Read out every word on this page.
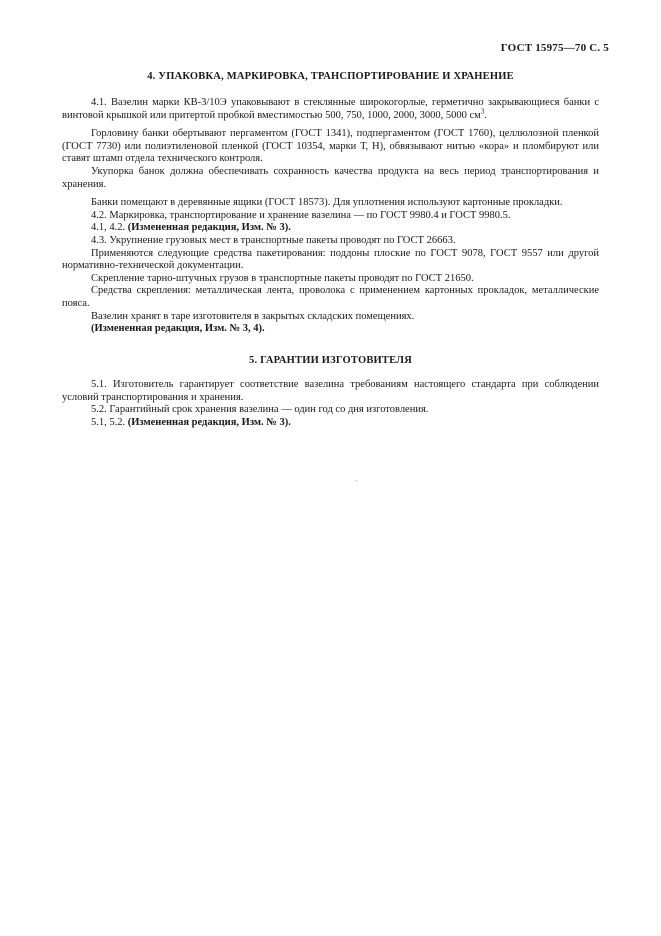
ГОСТ 15975—70 С. 5
4. УПАКОВКА, МАРКИРОВКА, ТРАНСПОРТИРОВАНИЕ И ХРАНЕНИЕ

4.1. Вазелин марки КВ-3/10Э упаковывают в стеклянные широкогорлые, герметично закрывающиеся банки с винтовой крышкой или притертой пробкой вместимостью 500, 750, 1000, 2000, 3000, 5000 $см^3$.

Горловину банки обертывают пергаментом (ГОСТ 1341), подпергаментом (ГОСТ 1760), целлюлозной пленкой (ГОСТ 7730) или полиэтиленовой пленкой (ГОСТ 10354, марки Т, Н), обвязывают нитью «кора» и пломбируют или ставят штамп отдела технического контроля.

Укупорка банок должна обеспечивать сохранность качества продукта на весь период транспортирования и хранения.

Банки помещают в деревянные ящики (ГОСТ 18573). Для уплотнения используют картонные прокладки.

4.2. Маркировка, транспортирование и хранение вазелина — по ГОСТ 9980.4 и ГОСТ 9980.5.

4.1, 4.2. (Измененная редакция, Изм. № 3).

4.3. Укрупнение грузовых мест в транспортные пакеты проводят по ГОСТ 26663.

Применяются следующие средства пакетирования: поддоны плоские по ГОСТ 9078, ГОСТ 9557 или другой нормативно-технической документации.

Скрепление тарно-штучных грузов в транспортные пакеты проводят по ГОСТ 21650.

Средства скрепления: металлическая лента, проволока с применением картонных прокладок, металлические пояса.

Вазелин хранят в таре изготовителя в закрытых складских помещениях.

(Измененная редакция, Изм. № 3, 4).

5. ГАРАНТИИ ИЗГОТОВИТЕЛЯ

5.1. Изготовитель гарантирует соответствие вазелина требованиям настоящего стандарта при соблюдении условий транспортирования и хранения.

5.2. Гарантийный срок хранения вазелина — один год со дня изготовления.

5.1, 5.2. (Измененная редакция, Изм. № 3).
